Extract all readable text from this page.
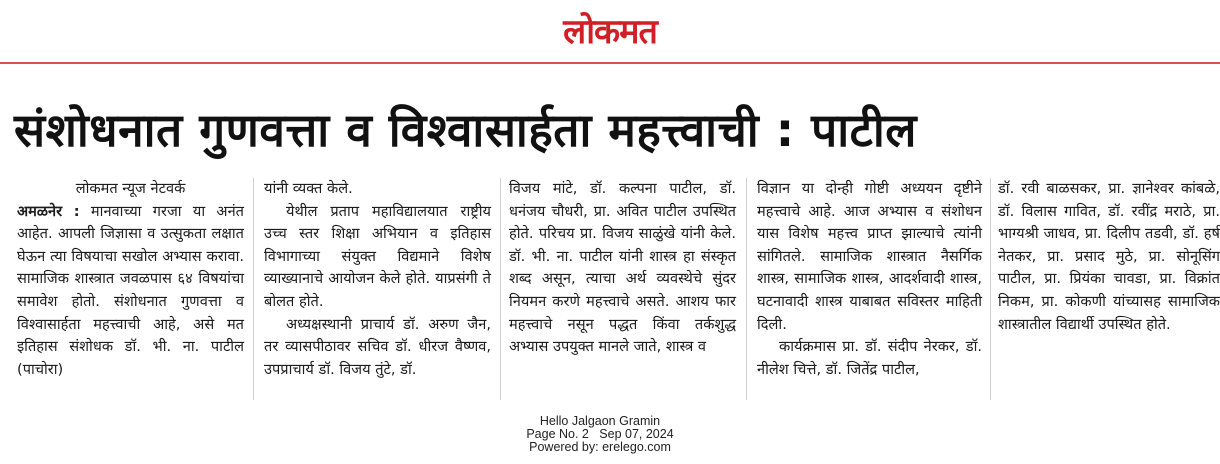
लोकमत
संशोधनात गुणवत्ता व विश्वासार्हता महत्त्वाची : पाटील

लोकमत न्यूज नेटवर्क

अमळनेर : मानवाच्या गरजा या अनंत आहेत. आपली जिज्ञासा व उत्सुकता लक्षात घेऊन त्या विषयाचा सखोल अभ्यास करावा. सामाजिक शास्त्रात जवळपास ६४ विषयांचा समावेश होतो. संशोधनात गुणवत्ता व विश्वासार्हता महत्त्वाची आहे, असे मत इतिहास संशोधक डॉ. भी. ना. पाटील (पाचोरा)

यांनी व्यक्त केले.

येथील प्रताप महाविद्यालयात राष्ट्रीय उच्च स्तर शिक्षा अभियान व इतिहास विभागाच्या संयुक्त विद्यमाने विशेष व्याख्यानाचे आयोजन केले होते. याप्रसंगी ते बोलत होते.

अध्यक्षस्थानी प्राचार्य डॉ. अरुण जैन, तर व्यासपीठावर सचिव डॉ. धीरज वैष्णव, उपप्राचार्य डॉ. विजय तुंटे, डॉ.

विजय मांटे, डॉ. कल्पना पाटील, डॉ. धनंजय चौधरी, प्रा. अवित पाटील उपस्थित होते. परिचय प्रा. विजय साळुंखे यांनी केले. डॉ. भी. ना. पाटील यांनी शास्त्र हा संस्कृत शब्द असून, त्याचा अर्थ व्यवस्थेचे सुंदर नियमन करणे महत्त्वाचे असते. आशय फार महत्त्वाचे नसून पद्धत किंवा तर्कशुद्ध अभ्यास उपयुक्त मानले जाते, शास्त्र व

विज्ञान या दोन्ही गोष्टी अध्ययन दृष्टीने महत्त्वाचे आहे. आज अभ्यास व संशोधन यास विशेष महत्त्व प्राप्त झाल्याचे त्यांनी सांगितले. सामाजिक शास्त्रात नैसर्गिक शास्त्र, सामाजिक शास्त्र, आदर्शवादी शास्त्र, घटनावादी शास्त्र याबाबत सविस्तर माहिती दिली.

कार्यक्रमास प्रा. डॉ. संदीप नेरकर, डॉ. नीलेश चित्ते, डॉ. जितेंद्र पाटील,

डॉ. रवी बाळसकर, प्रा. ज्ञानेश्वर कांबळे, डॉ. विलास गावित, डॉ. रवींद्र मराठे, प्रा. भाग्यश्री जाधव, प्रा. दिलीप तडवी, डॉ. हर्ष नेतकर, प्रा. प्रसाद मुठे, प्रा. सोनूसिंग पाटील, प्रा. प्रियंका चावडा, प्रा. विक्रांत निकम, प्रा. कोकणी यांच्यासह सामाजिक शास्त्रातील विद्यार्थी उपस्थित होते.

Hello Jalgaon Gramin
Page No. 2   Sep 07, 2024
Powered by: erelego.com
